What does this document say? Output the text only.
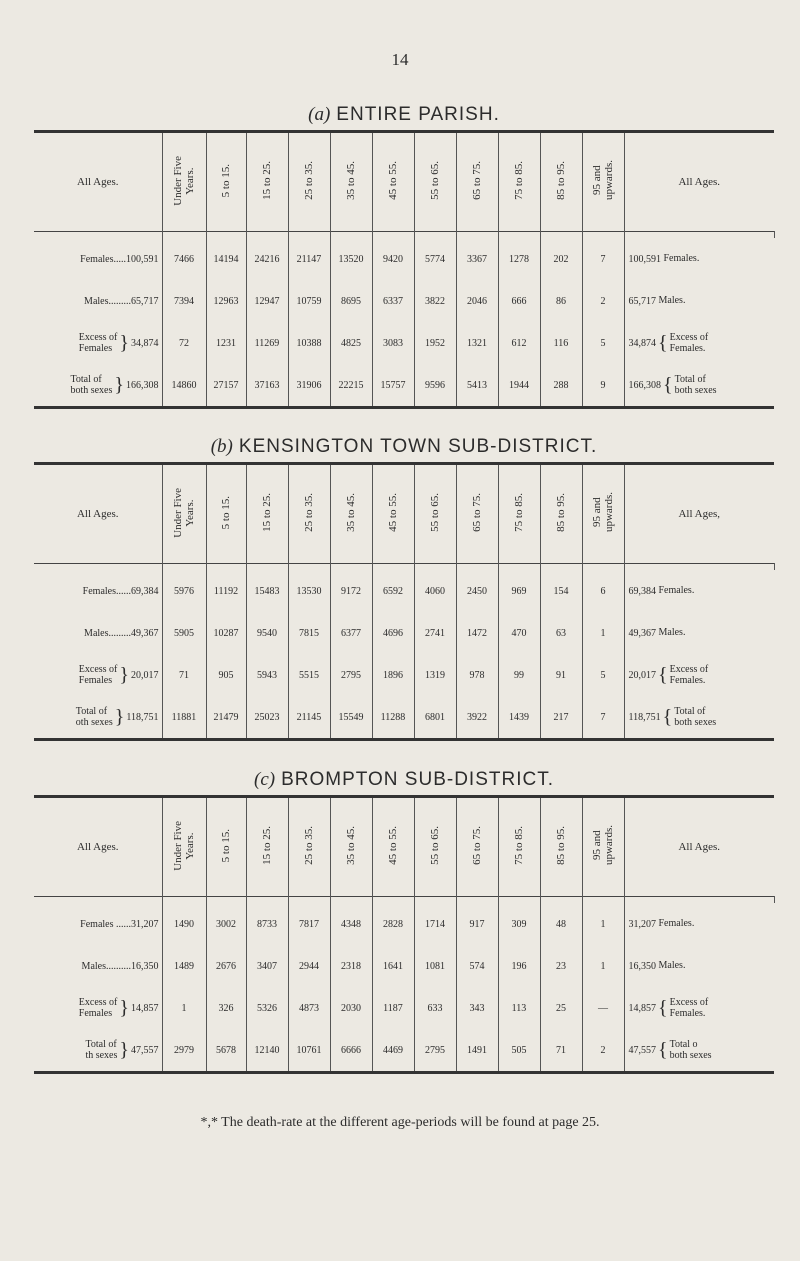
14
(a) ENTIRE PARISH.
All Ages.	Under Five
Years.	5 to 15.	15 to 25.	25 to 35.	35 to 45.	45 to 55.	55 to 65.	65 to 75.	75 to 85.	85 to 95.	95 and
upwards.	All Ages.

Females.....100,591	7466	14194	24216	21147	13520	9420	5774	3367	1278	202	7	100,591 Females.
Males.........65,717	7394	12963	12947	10759	8695	6337	3822	2046	666	86	2	65,717 Males.
Excess of
Females } 34,874	72	1231	11269	10388	4825	3083	1952	1321	612	116	5	34,874 { Excess of
Females.
Total of
both sexes } 166,308	14860	27157	37163	31906	22215	15757	9596	5413	1944	288	9	166,308 { Total of
both sexes
(b) KENSINGTON TOWN SUB-DISTRICT.
All Ages.	Under Five
Years.	5 to 15.	15 to 25.	25 to 35.	35 to 45.	45 to 55.	55 to 65.	65 to 75.	75 to 85.	85 to 95.	95 and
upwards.	All Ages,

Females......69,384	5976	11192	15483	13530	9172	6592	4060	2450	969	154	6	69,384 Females.
Males.........49,367	5905	10287	9540	7815	6377	4696	2741	1472	470	63	1	49,367 Males.
Excess of
Females } 20,017	71	905	5943	5515	2795	1896	1319	978	99	91	5	20,017 { Excess of
Females.
Total of
oth sexes } 118,751	11881	21479	25023	21145	15549	11288	6801	3922	1439	217	7	118,751 { Total of
both sexes
(c) BROMPTON SUB-DISTRICT.
All Ages.	Under Five
Years.	5 to 15.	15 to 25.	25 to 35.	35 to 45.	45 to 55.	55 to 65.	65 to 75.	75 to 85.	85 to 95.	95 and
upwards.	All Ages.

Females ......31,207	1490	3002	8733	7817	4348	2828	1714	917	309	48	1	31,207 Females.
Males..........16,350	1489	2676	3407	2944	2318	1641	1081	574	196	23	1	16,350 Males.
Excess of
Females } 14,857	1	326	5326	4873	2030	1187	633	343	113	25	—	14,857 { Excess of
Females.
Total of
th sexes } 47,557	2979	5678	12140	10761	6666	4469	2795	1491	505	71	2	47,557 { Total o
both sexes
*,* The death-rate at the different age-periods will be found at page 25.
